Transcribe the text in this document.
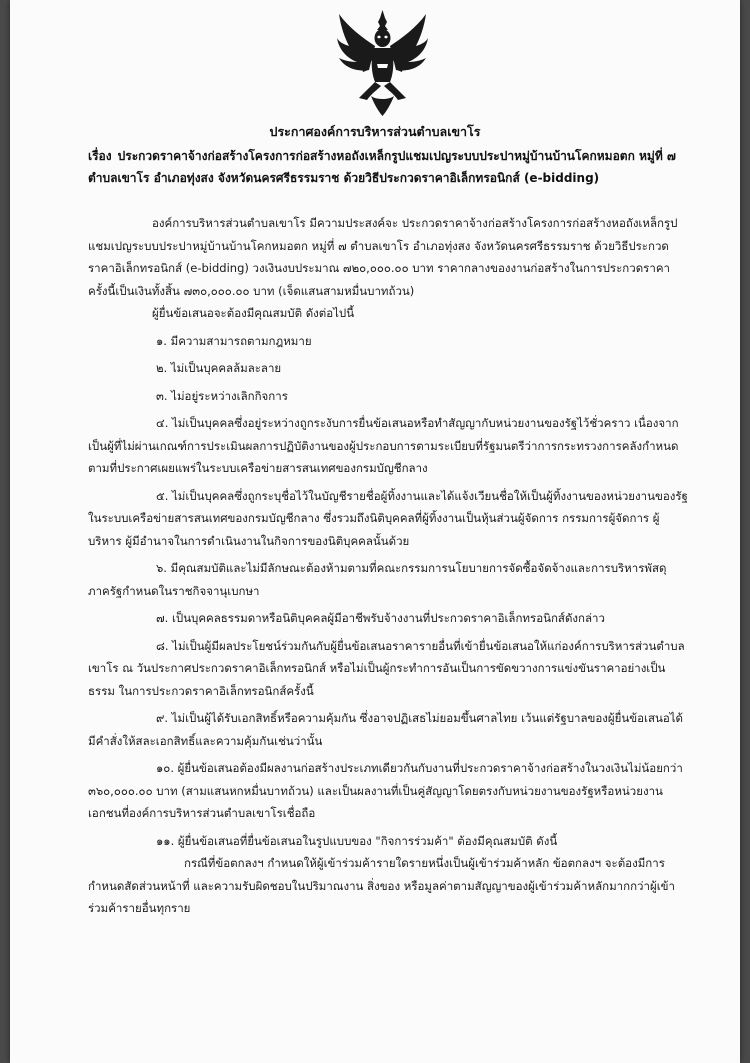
ประกาศองค์การบริหารส่วนตำบลเขาโร
เรื่อง ประกวดราคาจ้างก่อสร้างโครงการก่อสร้างหอถังเหล็กรูปแชมเปญระบบประปาหมู่บ้านบ้านโคกหมอตก หมู่ที่ ๗ ตำบลเขาโร อำเภอทุ่งสง จังหวัดนครศรีธรรมราช ด้วยวิธีประกวดราคาอิเล็กทรอนิกส์ (e-bidding)

องค์การบริหารส่วนตำบลเขาโร มีความประสงค์จะ ประกวดราคาจ้างก่อสร้างโครงการก่อสร้างหอถังเหล็กรูปแชมเปญระบบประปาหมู่บ้านบ้านโคกหมอตก หมู่ที่ ๗ ตำบลเขาโร อำเภอทุ่งสง จังหวัดนครศรีธรรมราช ด้วยวิธีประกวดราคาอิเล็กทรอนิกส์ (e-bidding) วงเงินงบประมาณ ๗๒๐,๐๐๐.๐๐ บาท ราคากลางของงานก่อสร้างในการประกวดราคาครั้งนี้เป็นเงินทั้งสิ้น ๗๓๐,๐๐๐.๐๐ บาท (เจ็ดแสนสามหมื่นบาทถ้วน)

ผู้ยื่นข้อเสนอจะต้องมีคุณสมบัติ ดังต่อไปนี้

๑. มีความสามารถตามกฎหมาย

๒. ไม่เป็นบุคคลล้มละลาย

๓. ไม่อยู่ระหว่างเลิกกิจการ

๔. ไม่เป็นบุคคลซึ่งอยู่ระหว่างถูกระงับการยื่นข้อเสนอหรือทำสัญญากับหน่วยงานของรัฐไว้ชั่วคราว เนื่องจากเป็นผู้ที่ไม่ผ่านเกณฑ์การประเมินผลการปฏิบัติงานของผู้ประกอบการตามระเบียบที่รัฐมนตรีว่าการกระทรวงการคลังกำหนดตามที่ประกาศเผยแพร่ในระบบเครือข่ายสารสนเทศของกรมบัญชีกลาง

๕. ไม่เป็นบุคคลซึ่งถูกระบุชื่อไว้ในบัญชีรายชื่อผู้ทิ้งงานและได้แจ้งเวียนชื่อให้เป็นผู้ทิ้งงานของหน่วยงานของรัฐในระบบเครือข่ายสารสนเทศของกรมบัญชีกลาง ซึ่งรวมถึงนิติบุคคลที่ผู้ทิ้งงานเป็นหุ้นส่วนผู้จัดการ กรรมการผู้จัดการ ผู้บริหาร ผู้มีอำนาจในการดำเนินงานในกิจการของนิติบุคคลนั้นด้วย

๖. มีคุณสมบัติและไม่มีลักษณะต้องห้ามตามที่คณะกรรมการนโยบายการจัดซื้อจัดจ้างและการบริหารพัสดุภาครัฐกำหนดในราชกิจจานุเบกษา

๗. เป็นบุคคลธรรมดาหรือนิติบุคคลผู้มีอาชีพรับจ้างงานที่ประกวดราคาอิเล็กทรอนิกส์ดังกล่าว

๘. ไม่เป็นผู้มีผลประโยชน์ร่วมกันกับผู้ยื่นข้อเสนอราคารายอื่นที่เข้ายื่นข้อเสนอให้แก่องค์การบริหารส่วนตำบลเขาโร ณ วันประกาศประกวดราคาอิเล็กทรอนิกส์ หรือไม่เป็นผู้กระทำการอันเป็นการขัดขวางการแข่งขันราคาอย่างเป็นธรรม ในการประกวดราคาอิเล็กทรอนิกส์ครั้งนี้

๙. ไม่เป็นผู้ได้รับเอกสิทธิ์หรือความคุ้มกัน ซึ่งอาจปฏิเสธไม่ยอมขึ้นศาลไทย เว้นแต่รัฐบาลของผู้ยื่นข้อเสนอได้มีคำสั่งให้สละเอกสิทธิ์และความคุ้มกันเช่นว่านั้น

๑๐. ผู้ยื่นข้อเสนอต้องมีผลงานก่อสร้างประเภทเดียวกันกับงานที่ประกวดราคาจ้างก่อสร้างในวงเงินไม่น้อยกว่า ๓๖๐,๐๐๐.๐๐ บาท (สามแสนหกหมื่นบาทถ้วน) และเป็นผลงานที่เป็นคู่สัญญาโดยตรงกับหน่วยงานของรัฐหรือหน่วยงานเอกชนที่องค์การบริหารส่วนตำบลเขาโรเชื่อถือ

๑๑. ผู้ยื่นข้อเสนอที่ยื่นข้อเสนอในรูปแบบของ "กิจการร่วมค้า" ต้องมีคุณสมบัติ ดังนี้

กรณีที่ข้อตกลงฯ กำหนดให้ผู้เข้าร่วมค้ารายใดรายหนึ่งเป็นผู้เข้าร่วมค้าหลัก ข้อตกลงฯ จะต้องมีการกำหนดสัดส่วนหน้าที่ และความรับผิดชอบในปริมาณงาน สิ่งของ หรือมูลค่าตามสัญญาของผู้เข้าร่วมค้าหลักมากกว่าผู้เข้าร่วมค้ารายอื่นทุกราย
